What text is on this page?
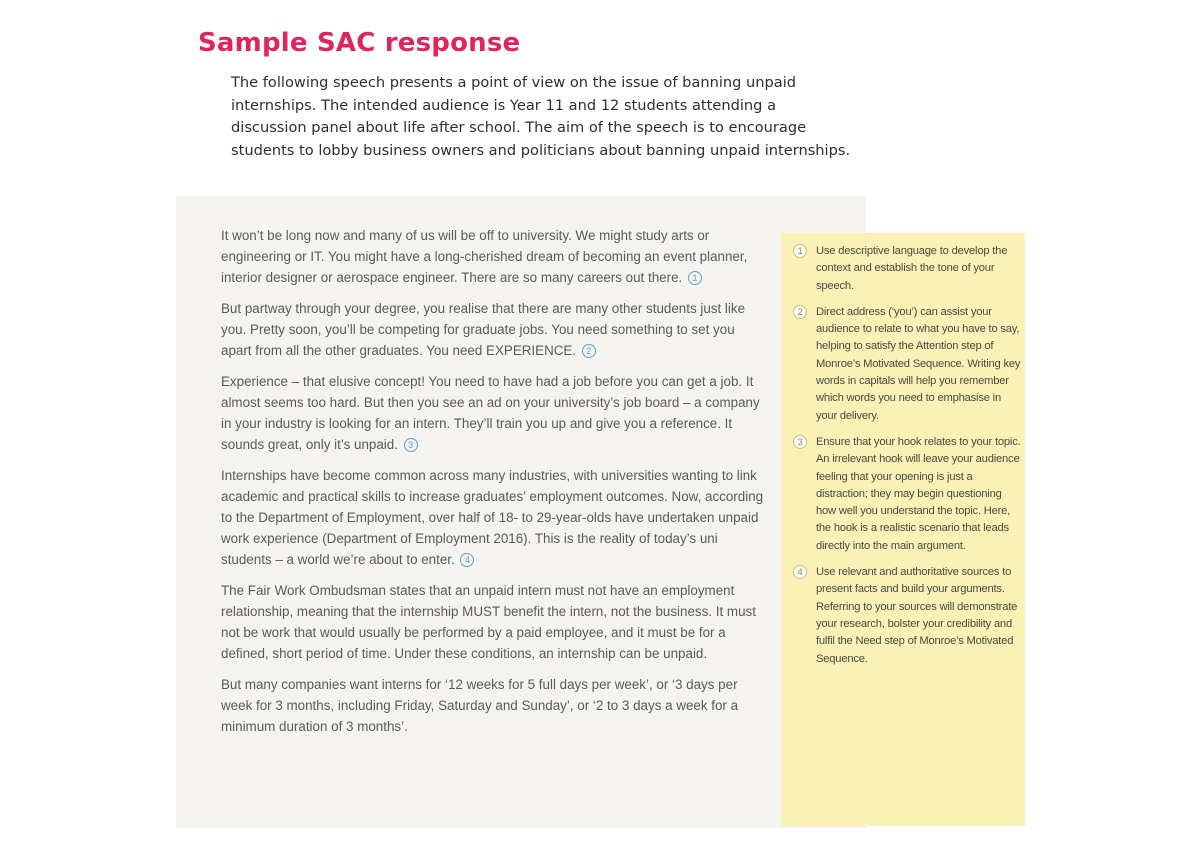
Sample SAC response

The following speech presents a point of view on the issue of banning unpaid internships. The intended audience is Year 11 and 12 students attending a discussion panel about life after school. The aim of the speech is to encourage students to lobby business owners and politicians about banning unpaid internships.

It won’t be long now and many of us will be off to university. We might study arts or engineering or IT. You might have a long-cherished dream of becoming an event planner, interior designer or aerospace engineer. There are so many careers out there. 1

But partway through your degree, you realise that there are many other students just like you. Pretty soon, you’ll be competing for graduate jobs. You need something to set you apart from all the other graduates. You need EXPERIENCE. 2

Experience – that elusive concept! You need to have had a job before you can get a job. It almost seems too hard. But then you see an ad on your university’s job board – a company in your industry is looking for an intern. They’ll train you up and give you a reference. It sounds great, only it’s unpaid. 3

Internships have become common across many industries, with universities wanting to link academic and practical skills to increase graduates’ employment outcomes. Now, according to the Department of Employment, over half of 18- to 29-year-olds have undertaken unpaid work experience (Department of Employment 2016). This is the reality of today’s uni students – a world we’re about to enter. 4

The Fair Work Ombudsman states that an unpaid intern must not have an employment relationship, meaning that the internship MUST benefit the intern, not the business. It must not be work that would usually be performed by a paid employee, and it must be for a defined, short period of time. Under these conditions, an internship can be unpaid.

But many companies want interns for ‘12 weeks for 5 full days per week’, or ‘3 days per week for 3 months, including Friday, Saturday and Sunday’, or ‘2 to 3 days a week for a minimum duration of 3 months’.

1	Use descriptive language to develop the context and establish the tone of your speech.
2	Direct address (‘you’) can assist your audience to relate to what you have to say, helping to satisfy the Attention step of Monroe’s Motivated Sequence. Writing key words in capitals will help you remember which words you need to emphasise in your delivery.
3	Ensure that your hook relates to your topic. An irrelevant hook will leave your audience feeling that your opening is just a distraction; they may begin questioning how well you understand the topic. Here, the hook is a realistic scenario that leads directly into the main argument.
4	Use relevant and authoritative sources to present facts and build your arguments. Referring to your sources will demonstrate your research, bolster your credibility and fulfil the Need step of Monroe’s Motivated Sequence.
